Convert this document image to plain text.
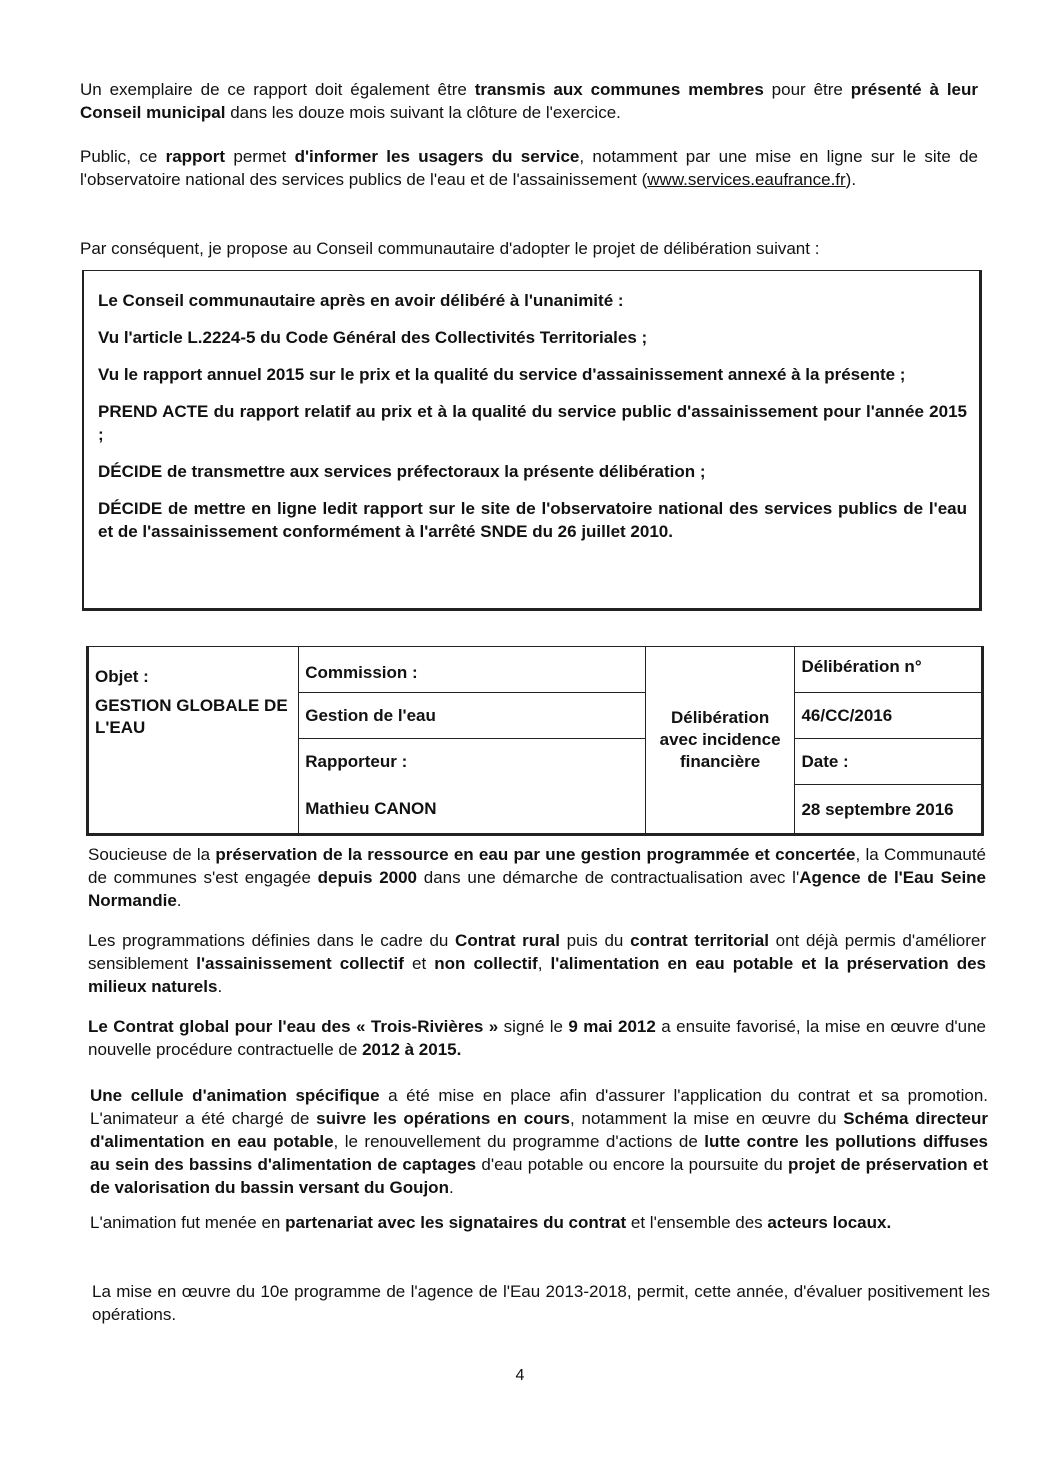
Un exemplaire de ce rapport doit également être transmis aux communes membres pour être présenté à leur Conseil municipal dans les douze mois suivant la clôture de l'exercice.

Public, ce rapport permet d'informer les usagers du service, notamment par une mise en ligne sur le site de l'observatoire national des services publics de l'eau et de l'assainissement (www.services.eaufrance.fr).

Par conséquent, je propose au Conseil communautaire d'adopter le projet de délibération suivant :

Le Conseil communautaire après en avoir délibéré à l'unanimité :

Vu l'article L.2224-5 du Code Général des Collectivités Territoriales ;

Vu le rapport annuel 2015 sur le prix et la qualité du service d'assainissement annexé à la présente ;

PREND ACTE du rapport relatif au prix et à la qualité du service public d'assainissement pour l'année 2015 ;

DÉCIDE de transmettre aux services préfectoraux la présente délibération ;

DÉCIDE de mettre en ligne ledit rapport sur le site de l'observatoire national des services publics de l'eau et de l'assainissement conformément à l'arrêté SNDE du 26 juillet 2010.

Objet :	Commission :	Délibération avec incidence financière	Délibération n°
GESTION GLOBALE DE L'EAU	Gestion de l'eau		46/CC/2016
	Rapporteur :		Date :
	Mathieu CANON		28 septembre 2016

Soucieuse de la préservation de la ressource en eau par une gestion programmée et concertée, la Communauté de communes s'est engagée depuis 2000 dans une démarche de contractualisation avec l'Agence de l'Eau Seine Normandie.

Les programmations définies dans le cadre du Contrat rural puis du contrat territorial ont déjà permis d'améliorer sensiblement l'assainissement collectif et non collectif, l'alimentation en eau potable et la préservation des milieux naturels.

Le Contrat global pour l'eau des « Trois-Rivières » signé le 9 mai 2012 a ensuite favorisé, la mise en œuvre d'une nouvelle procédure contractuelle de 2012 à 2015.

Une cellule d'animation spécifique a été mise en place afin d'assurer l'application du contrat et sa promotion. L'animateur a été chargé de suivre les opérations en cours, notamment la mise en œuvre du Schéma directeur d'alimentation en eau potable, le renouvellement du programme d'actions de lutte contre les pollutions diffuses au sein des bassins d'alimentation de captages d'eau potable ou encore la poursuite du projet de préservation et de valorisation du bassin versant du Goujon.

L'animation fut menée en partenariat avec les signataires du contrat et l'ensemble des acteurs locaux.

La mise en œuvre du 10e programme de l'agence de l'Eau 2013-2018, permit, cette année, d'évaluer positivement les opérations.

4
